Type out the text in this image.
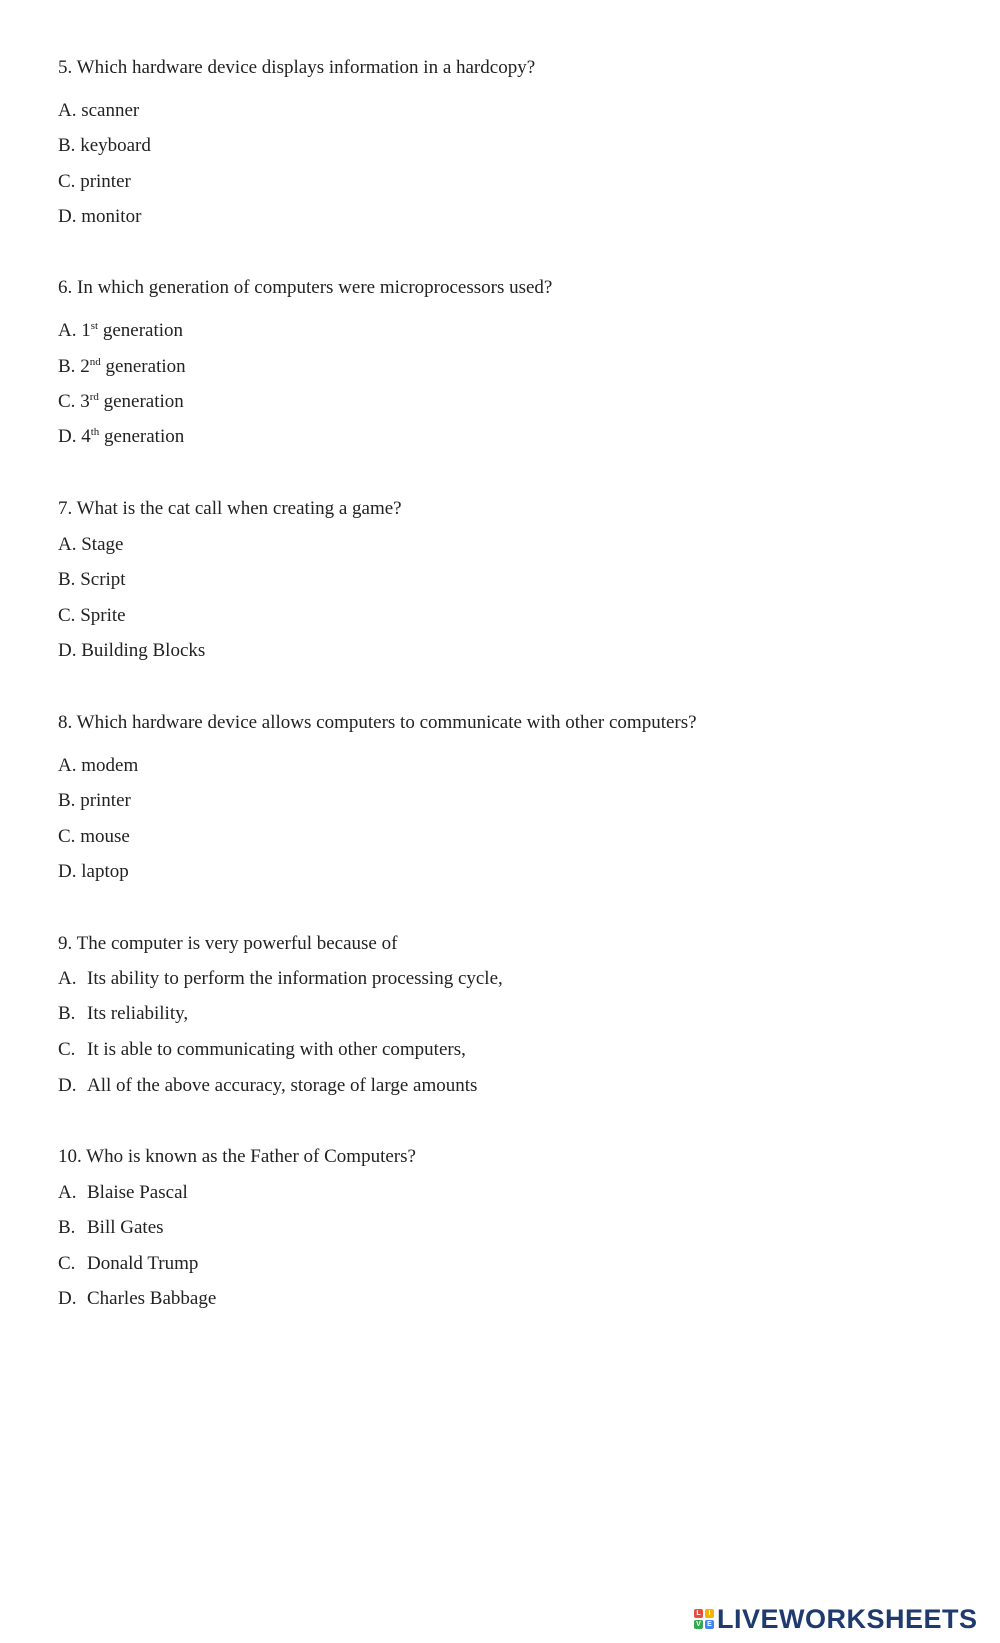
5. Which hardware device displays information in a hardcopy?
A. scanner
B. keyboard
C. printer
D. monitor
6. In which generation of computers were microprocessors used?
A. 1st generation
B. 2nd generation
C. 3rd generation
D. 4th generation
7. What is the cat call when creating a game?
A. Stage
B. Script
C. Sprite
D. Building Blocks
8. Which hardware device allows computers to communicate with other computers?
A. modem
B. printer
C. mouse
D. laptop
9. The computer is very powerful because of
A. Its ability to perform the information processing cycle,
B. Its reliability,
C. It is able to communicating with other computers,
D. All of the above accuracy, storage of large amounts
10. Who is known as the Father of Computers?
A. Blaise Pascal
B. Bill Gates
C. Donald Trump
D. Charles Babbage
L	I
V E LIVEWORKSHEETS
